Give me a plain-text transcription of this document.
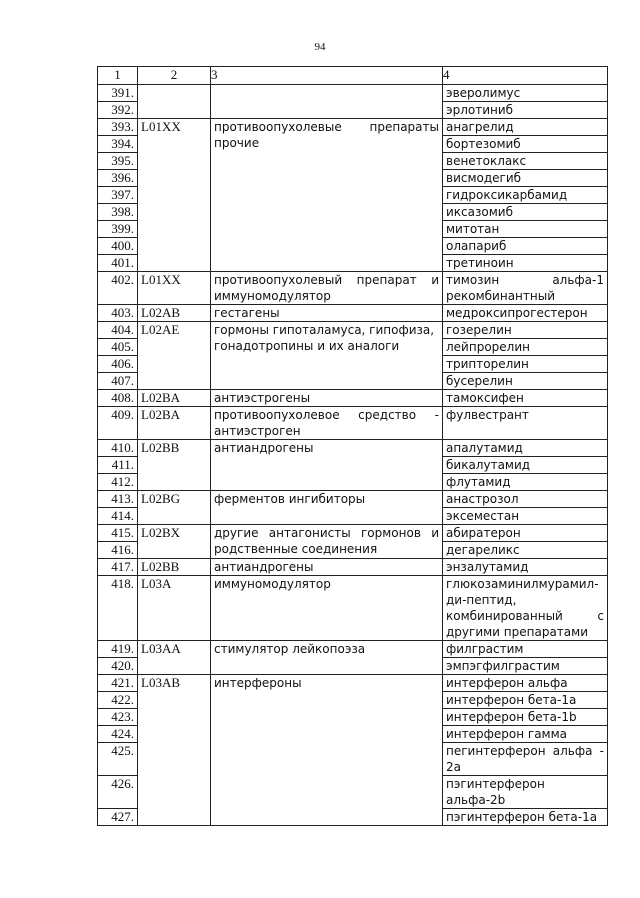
94
1	2	3	4
391.			эверолимус
392.			эрлотиниб
393.	L01XX	противоопухолевые препараты
прочие	анагрелид
394.			бортезомиб
395.			венетоклакс
396.			висмодегиб
397.			гидроксикарбамид
398.			иксазомиб
399.			митотан
400.			олапариб
401.			третиноин
402.	L01XX	противоопухолевый препарат и
иммуномодулятор	тимозин альфа-1
рекомбинантный

403.	L02AB	гестагены	медроксипрогестерон
404.	L02AE	гормоны гипоталамуса, гипофиза,
гонадотропины и их аналоги	гозерелин
405.			лейпрорелин
406.			трипторелин
407.			бусерелин
408.	L02BA	антиэстрогены	тамоксифен
409.	L02BA	противоопухолевое средство -
антиэстроген	фулвестрант
410.	L02BB	антиандрогены	апалутамид
411.			бикалутамид
412.			флутамид
413.	L02BG	ферментов ингибиторы	анастрозол
414.			эксеместан
415.	L02BX	другие антагонисты гормонов и
родственные соединения	абиратерон
416.			дегареликс
417.	L02BB	антиандрогены	энзалутамид
418.	L03A	иммуномодулятор	глюкозаминилмурамил-
ди-пептид,
комбинированный с
другими препаратами

419.	L03AA	стимулятор лейкопоэза	филграстим
420.			эмпэгфилграстим
421.	L03AB	интерфероны	интерферон альфа
422.			интерферон бета-1а
423.			интерферон бета-1b
424.			интерферон гамма
425.			пегинтерферон альфа -
2а

426.			пэгинтерферон альфа-2b
427.			пэгинтерферон бета-1а
